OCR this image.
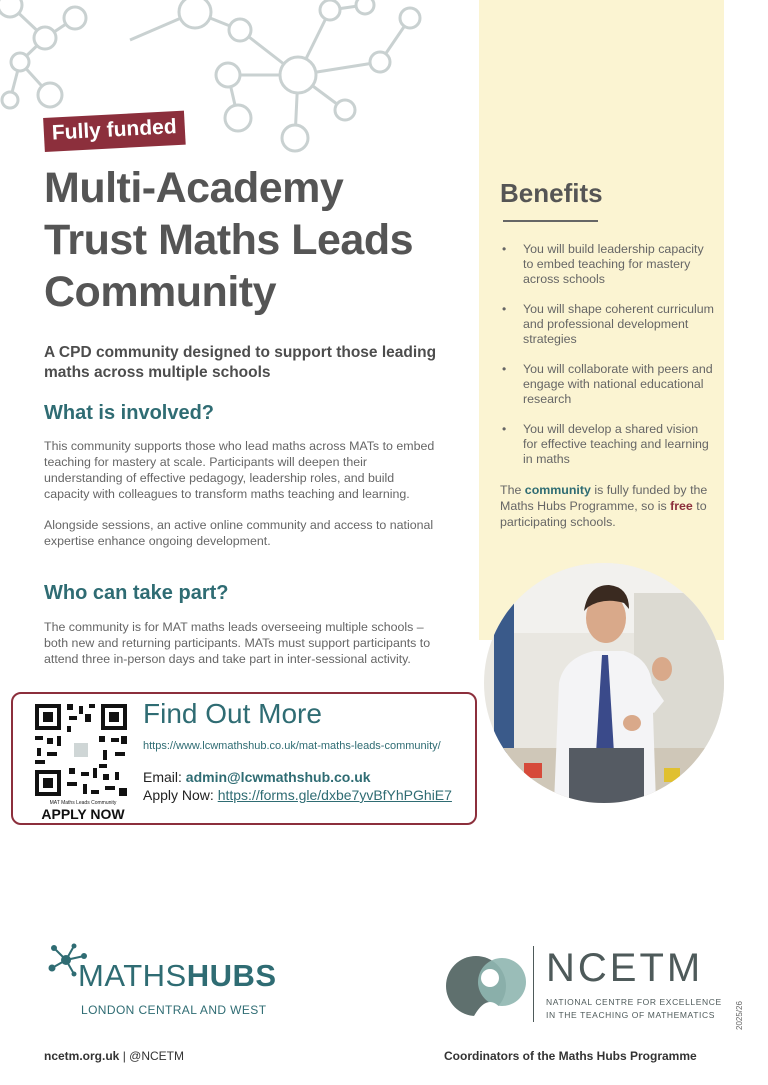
Fully funded
Multi-Academy
Trust Maths Leads
Community
A CPD community designed to support those leading maths across multiple schools
What is involved?
This community supports those who lead maths across MATs to embed teaching for mastery at scale. Participants will deepen their understanding of effective pedagogy, leadership roles, and build capacity with colleagues to transform maths teaching and learning.
Alongside sessions, an active online community and access to national expertise enhance ongoing development.
Who can take part?
The community is for MAT maths leads overseeing multiple schools – both new and returning participants. MATs must support participants to attend three in-person days and take part in inter-sessional activity.
Benefits
• You will build leadership capacity to embed teaching for mastery across schools
• You will shape coherent curriculum and professional development strategies
• You will collaborate with peers and engage with national educational research
• You will develop a shared vision for effective teaching and learning in maths
The community is fully funded by the Maths Hubs Programme, so is free to participating schools.
MAT Maths Leads Community
APPLY NOW
Find Out More
https://www.lcwmathshub.co.uk/mat-maths-leads-community/
Email: admin@lcwmathshub.co.uk
Apply Now: https://forms.gle/dxbe7yvBfYhPGhiE7
MATHSHUBS
LONDON CENTRAL AND WEST
NCETM
NATIONAL CENTRE FOR EXCELLENCE
IN THE TEACHING OF MATHEMATICS
ncetm.org.uk | @NCETM	Coordinators of the Maths Hubs Programme
2025/26
